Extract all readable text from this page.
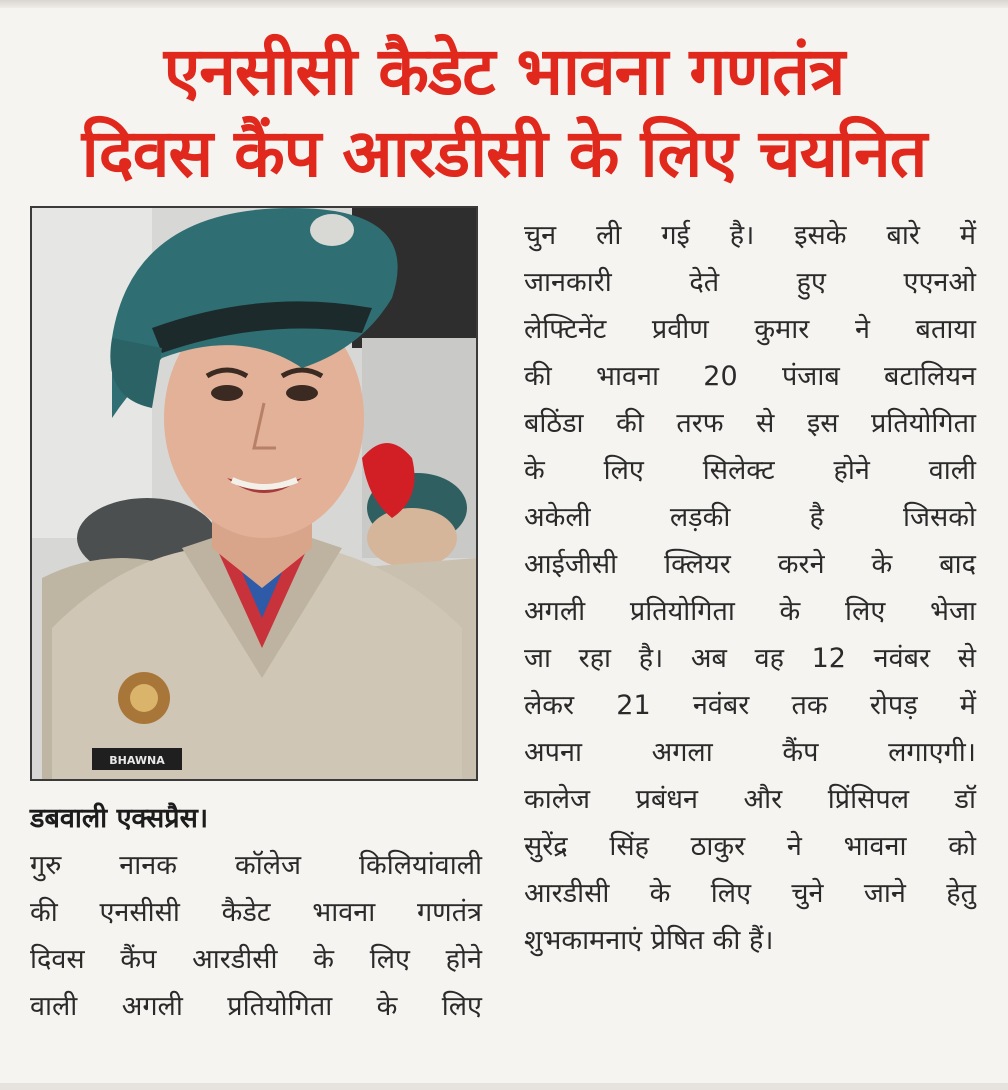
एनसीसी कैडेट भावना गणतंत्र
दिवस कैंप आरडीसी के लिए चयनित
BHAWNA
डबवाली एक्सप्रैस।
गुरु नानक कॉलेज किलियांवाली
की एनसीसी कैडेट भावना गणतंत्र
दिवस कैंप आरडीसी के लिए होने
वाली अगली प्रतियोगिता के लिए
चुन ली गई है। इसके बारे में
जानकारी देते हुए एएनओ
लेफ्टिनेंट प्रवीण कुमार ने बताया
की भावना 20 पंजाब बटालियन
बठिंडा की तरफ से इस प्रतियोगिता
के लिए सिलेक्ट होने वाली
अकेली लड़की है जिसको
आईजीसी क्लियर करने के बाद
अगली प्रतियोगिता के लिए भेजा
जा रहा है। अब वह 12 नवंबर से
लेकर 21 नवंबर तक रोपड़ में
अपना अगला कैंप लगाएगी।
कालेज प्रबंधन और प्रिंसिपल डॉ
सुरेंद्र सिंह ठाकुर ने भावना को
आरडीसी के लिए चुने जाने हेतु
शुभकामनाएं प्रेषित की हैं।
